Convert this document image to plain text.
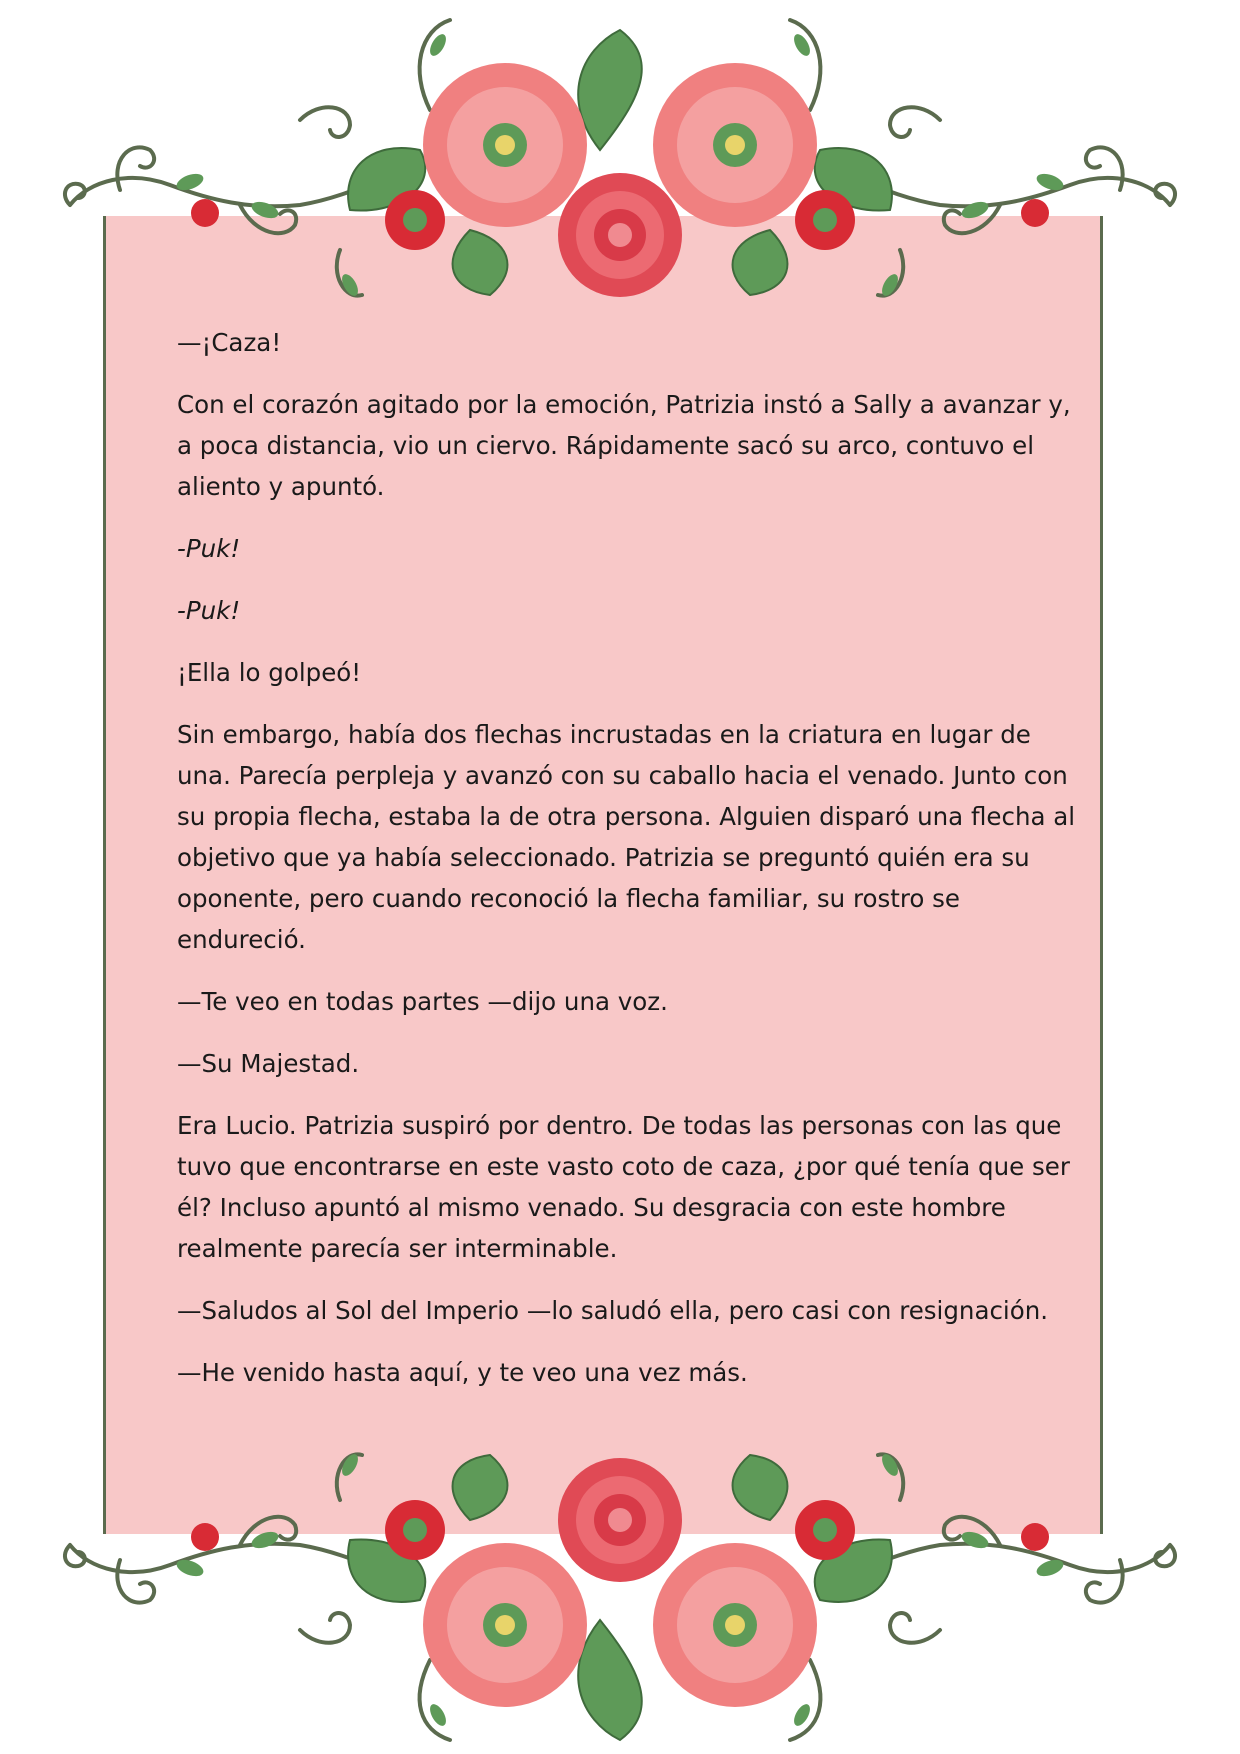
—¡Caza!

Con el corazón agitado por la emoción, Patrizia instó a Sally a avanzar y, a poca distancia, vio un ciervo. Rápidamente sacó su arco, contuvo el aliento y apuntó.

-Puk!

-Puk!

¡Ella lo golpeó!

Sin embargo, había dos flechas incrustadas en la criatura en lugar de una. Parecía perpleja y avanzó con su caballo hacia el venado. Junto con su propia flecha, estaba la de otra persona. Alguien disparó una flecha al objetivo que ya había seleccionado. Patrizia se preguntó quién era su oponente, pero cuando reconoció la flecha familiar, su rostro se endureció.

—Te veo en todas partes —dijo una voz.

—Su Majestad.

Era Lucio. Patrizia suspiró por dentro. De todas las personas con las que tuvo que encontrarse en este vasto coto de caza, ¿por qué tenía que ser él? Incluso apuntó al mismo venado. Su desgracia con este hombre realmente parecía ser interminable.

—Saludos al Sol del Imperio —lo saludó ella, pero casi con resignación.

—He venido hasta aquí, y te veo una vez más.
